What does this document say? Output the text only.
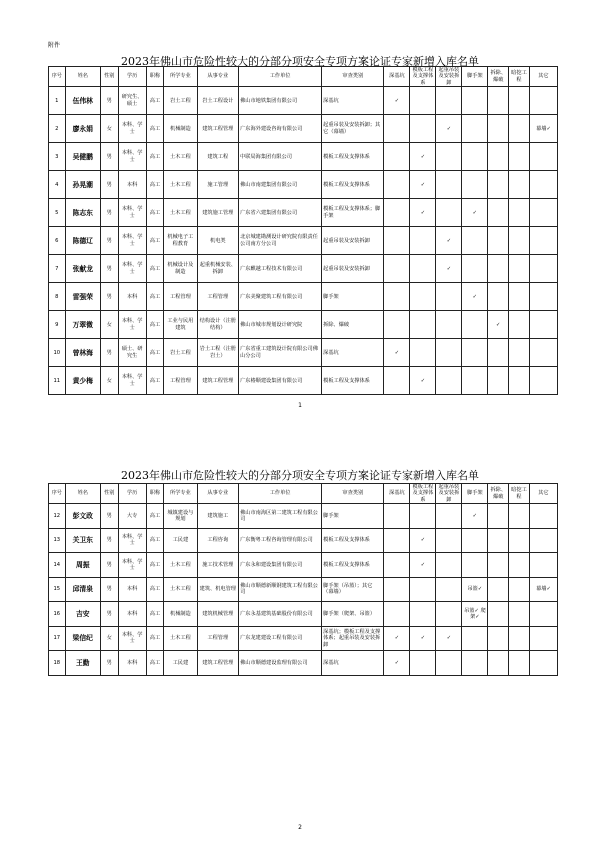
附件
2023年佛山市危险性较大的分部分项安全专项方案论证专家新增入库名单
序号	姓名	性别	学历	职称	所学专业	从事专业	工作单位	审查类别	深基坑	模板工程及支撑体系	起重吊装及安装拆卸	脚手架	拆除、爆破	暗挖工程	其它
1	伍伟林	男	研究生、硕士	高工	岩土工程	岩土工程设计	佛山市地铁集团有限公司	深基坑	✓						
2	廖永娟	女	本科、学士	高工	机械制造	建筑工程管理	广东海外建设咨询有限公司	起重吊装及安装拆卸；其它（幕墙）			✓				幕墙✓
3	吴健鹏	男	本科、学士	高工	土木工程	建筑工程	中联局海集团有限公司	模板工程及支撑体系		✓					
4	孙晃潮	男	本科	高工	土木工程	施工管理	佛山市南建集团有限公司	模板工程及支撑体系		✓					
5	陈志东	男	本科、学士	高工	土木工程	建筑施工管理	广东省六建集团有限公司	模板工程及支撑体系；脚手架		✓		✓			
6	陈德辽	男	本科、学士	高工	机械电子工程教育	机电类	北京城建勘测设计研究院有限责任公司南方分公司	起重吊装及安装拆卸			✓				
7	张献龙	男	本科、学士	高工	机械设计及制造	起重机械安装、拆卸	广东麒越工程技术有限公司	起重吊装及安装拆卸			✓				
8	雷强荣	男	本科	高工	工程管理	工程管理	广东美聚建筑工程有限公司	脚手架				✓			
9	万翠微	女	本科、学士	高工	工业与民用建筑	结构设计（注册结构）	佛山市城市规划设计研究院	拆除、爆破					✓		
10	曾林海	男	硕士、研究生	高工	岩土工程	岩土工程（注册岩土）	广东省重工建筑设计院有限公司佛山分公司	深基坑	✓						
11	黄少梅	女	本科、学士	高工	工程管理	建筑工程管理	广东椿顺建设集团有限公司	模板工程及支撑体系		✓					
1
2023年佛山市危险性较大的分部分项安全专项方案论证专家新增入库名单
序号	姓名	性别	学历	职称	所学专业	从事专业	工作单位	审查类别	深基坑	模板工程及支撑体系	起重吊装及安装拆卸	脚手架	拆除、爆破	暗挖工程	其它
12	彭文政	男	大专	高工	城镇建设与规划	建筑施工	佛山市南海区第二建筑工程有限公司	脚手架				✓			
13	关卫东	男	本科、学士	高工	工民建	工程咨询	广东衡粤工程咨询管理有限公司	模板工程及支撑体系		✓					
14	周振	男	本科、学士	高工	土木工程	施工技术管理	广东永和建设集团有限公司	模板工程及支撑体系		✓					
15	邱清泉	男	本科	高工	土木工程	建筑、机电管理	佛山市顺德新顺钢建筑工程有限公司	脚手架（吊篮）；其它（幕墙）				吊篮✓			幕墙✓
16	吉安	男	本科	高工	机械制造	建筑机械管理	广东永基建筑基础股份有限公司	脚手架（爬架、吊篮）				吊篮✓ 爬架✓			
17	梁信纪	女	本科、学士	高工	土木工程	工程管理	广东龙建建设工程有限公司	深基坑；模板工程及支撑体系；起重吊装及安装拆卸	✓	✓	✓				
18	王勤	男	本科	高工	工民建	建筑工程管理	佛山市顺德建设监理有限公司	深基坑	✓						
2
